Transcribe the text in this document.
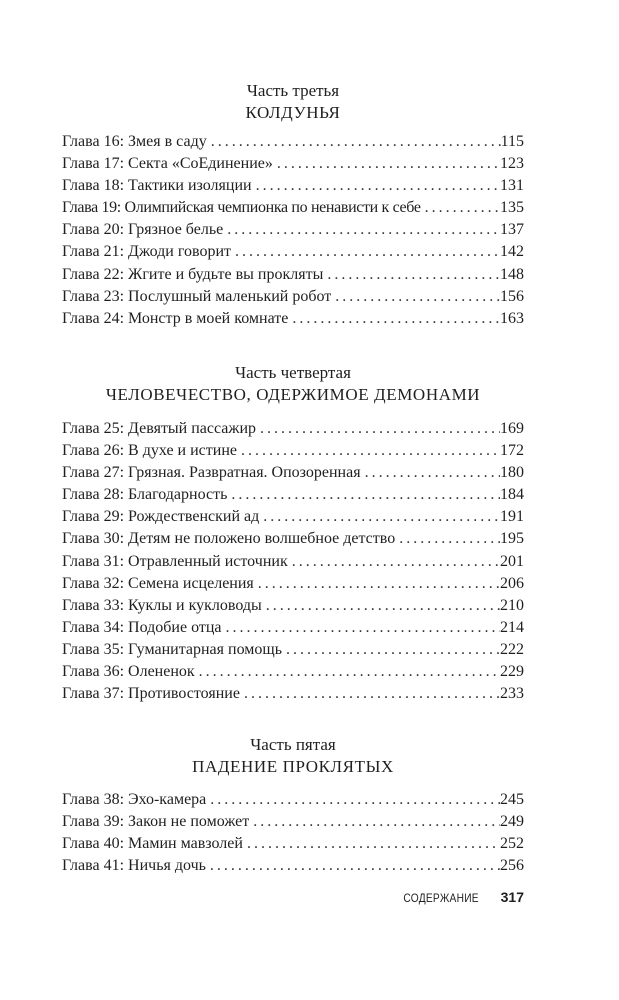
Часть третья
КОЛДУНЬЯ
Глава 16: Змея в саду . . .	115
Глава 17: Секта «СоЕдинение» . . .	123
Глава 18: Тактики изоляции . . .	131
Глава 19: Олимпийская чемпионка по ненависти к себе . . .	135
Глава 20: Грязное белье . . .	137
Глава 21: Джоди говорит . . .	142
Глава 22: Жгите и будьте вы прокляты . . .	148
Глава 23: Послушный маленький робот . . .	156
Глава 24: Монстр в моей комнате . . .	163
Часть четвертая
ЧЕЛОВЕЧЕСТВО, ОДЕРЖИМОЕ ДЕМОНАМИ
Глава 25: Девятый пассажир . . .	169
Глава 26: В духе и истине . . .	172
Глава 27: Грязная. Развратная. Опозоренная . . .	180
Глава 28: Благодарность . . .	184
Глава 29: Рождественский ад . . .	191
Глава 30: Детям не положено волшебное детство . . .	195
Глава 31: Отравленный источник . . .	201
Глава 32: Семена исцеления . . .	206
Глава 33: Куклы и кукловоды . . .	210
Глава 34: Подобие отца . . .	214
Глава 35: Гуманитарная помощь . . .	222
Глава 36: Олененок . . .	229
Глава 37: Противостояние . . .	233
Часть пятая
ПАДЕНИЕ ПРОКЛЯТЫХ
Глава 38: Эхо-камера . . .	245
Глава 39: Закон не поможет . . .	249
Глава 40: Мамин мавзолей . . .	252
Глава 41: Ничья дочь . . .	256
СОДЕРЖАНИЕ 317
